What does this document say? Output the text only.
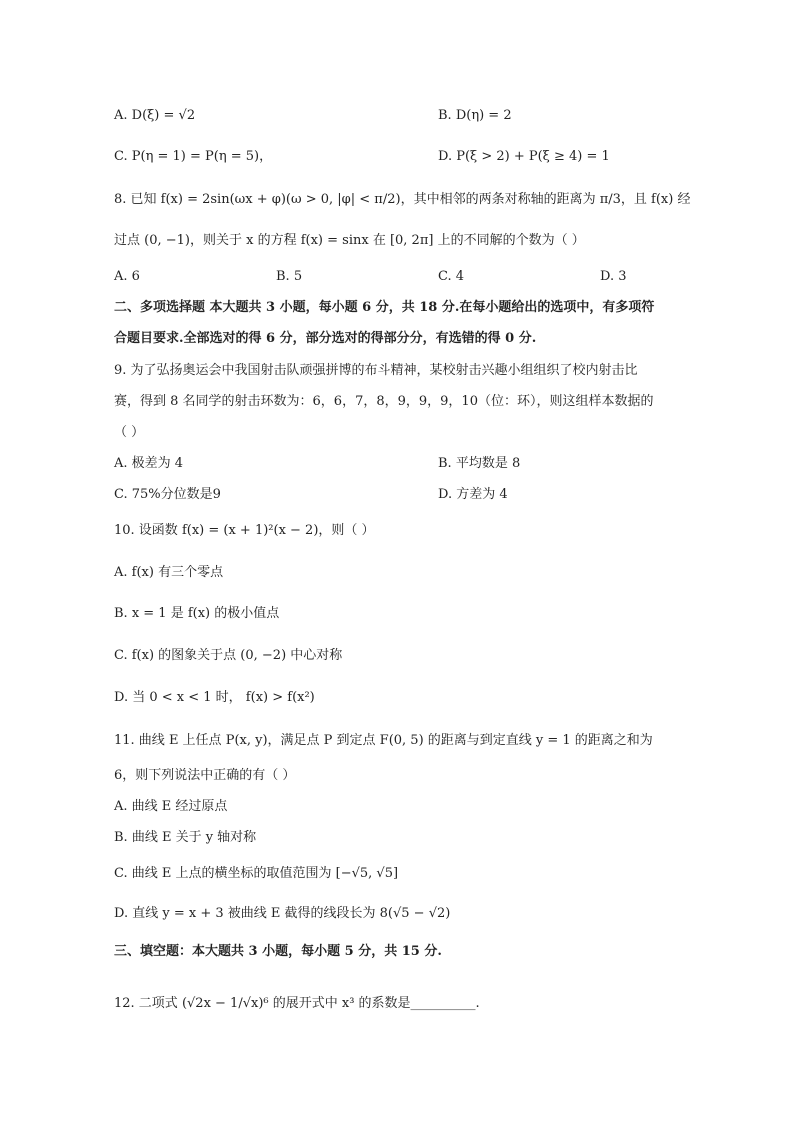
A. D(ξ) = √2	B. D(η) = 2
C. P(η = 1) = P(η = 5)，	D. P(ξ > 2) + P(ξ ≥ 4) = 1
8. 已知 f(x) = 2sin(ωx + φ)(ω > 0, |φ| < π/2)，其中相邻的两条对称轴的距离为 π/3，且 f(x) 经
过点 (0, −1)，则关于 x 的方程 f(x) = sinx 在 [0, 2π] 上的不同解的个数为（ ）
A. 6	B. 5	C. 4	D. 3
二、多项选择题 本大题共 3 小题，每小题 6 分，共 18 分.在每小题给出的选项中，有多项符
合题目要求.全部选对的得 6 分，部分选对的得部分分，有选错的得 0 分.
9. 为了弘扬奥运会中我国射击队顽强拼博的布斗精神，某校射击兴趣小组组织了校内射击比
赛，得到 8 名同学的射击环数为：6，6，7，8，9，9，9，10（位：环），则这组样本数据的
（ ）
A. 极差为 4	B. 平均数是 8
C. 75%分位数是9	D. 方差为 4
10. 设函数 f(x) = (x + 1)²(x − 2)，则（ ）
A. f(x) 有三个零点
B. x = 1 是 f(x) 的极小值点
C. f(x) 的图象关于点 (0, −2) 中心对称
D. 当 0 < x < 1 时， f(x) > f(x²)
11. 曲线 E 上任点 P(x, y)，满足点 P 到定点 F(0, 5) 的距离与到定直线 y = 1 的距离之和为
6，则下列说法中正确的有（ ）
A. 曲线 E 经过原点
B. 曲线 E 关于 y 轴对称
C. 曲线 E 上点的横坐标的取值范围为 [−√5, √5]
D. 直线 y = x + 3 被曲线 E 截得的线段长为 8(√5 − √2)
三、填空题：本大题共 3 小题，每小题 5 分，共 15 分.
12. 二项式 (√2x − 1/√x)⁶ 的展开式中 x³ 的系数是__________.
